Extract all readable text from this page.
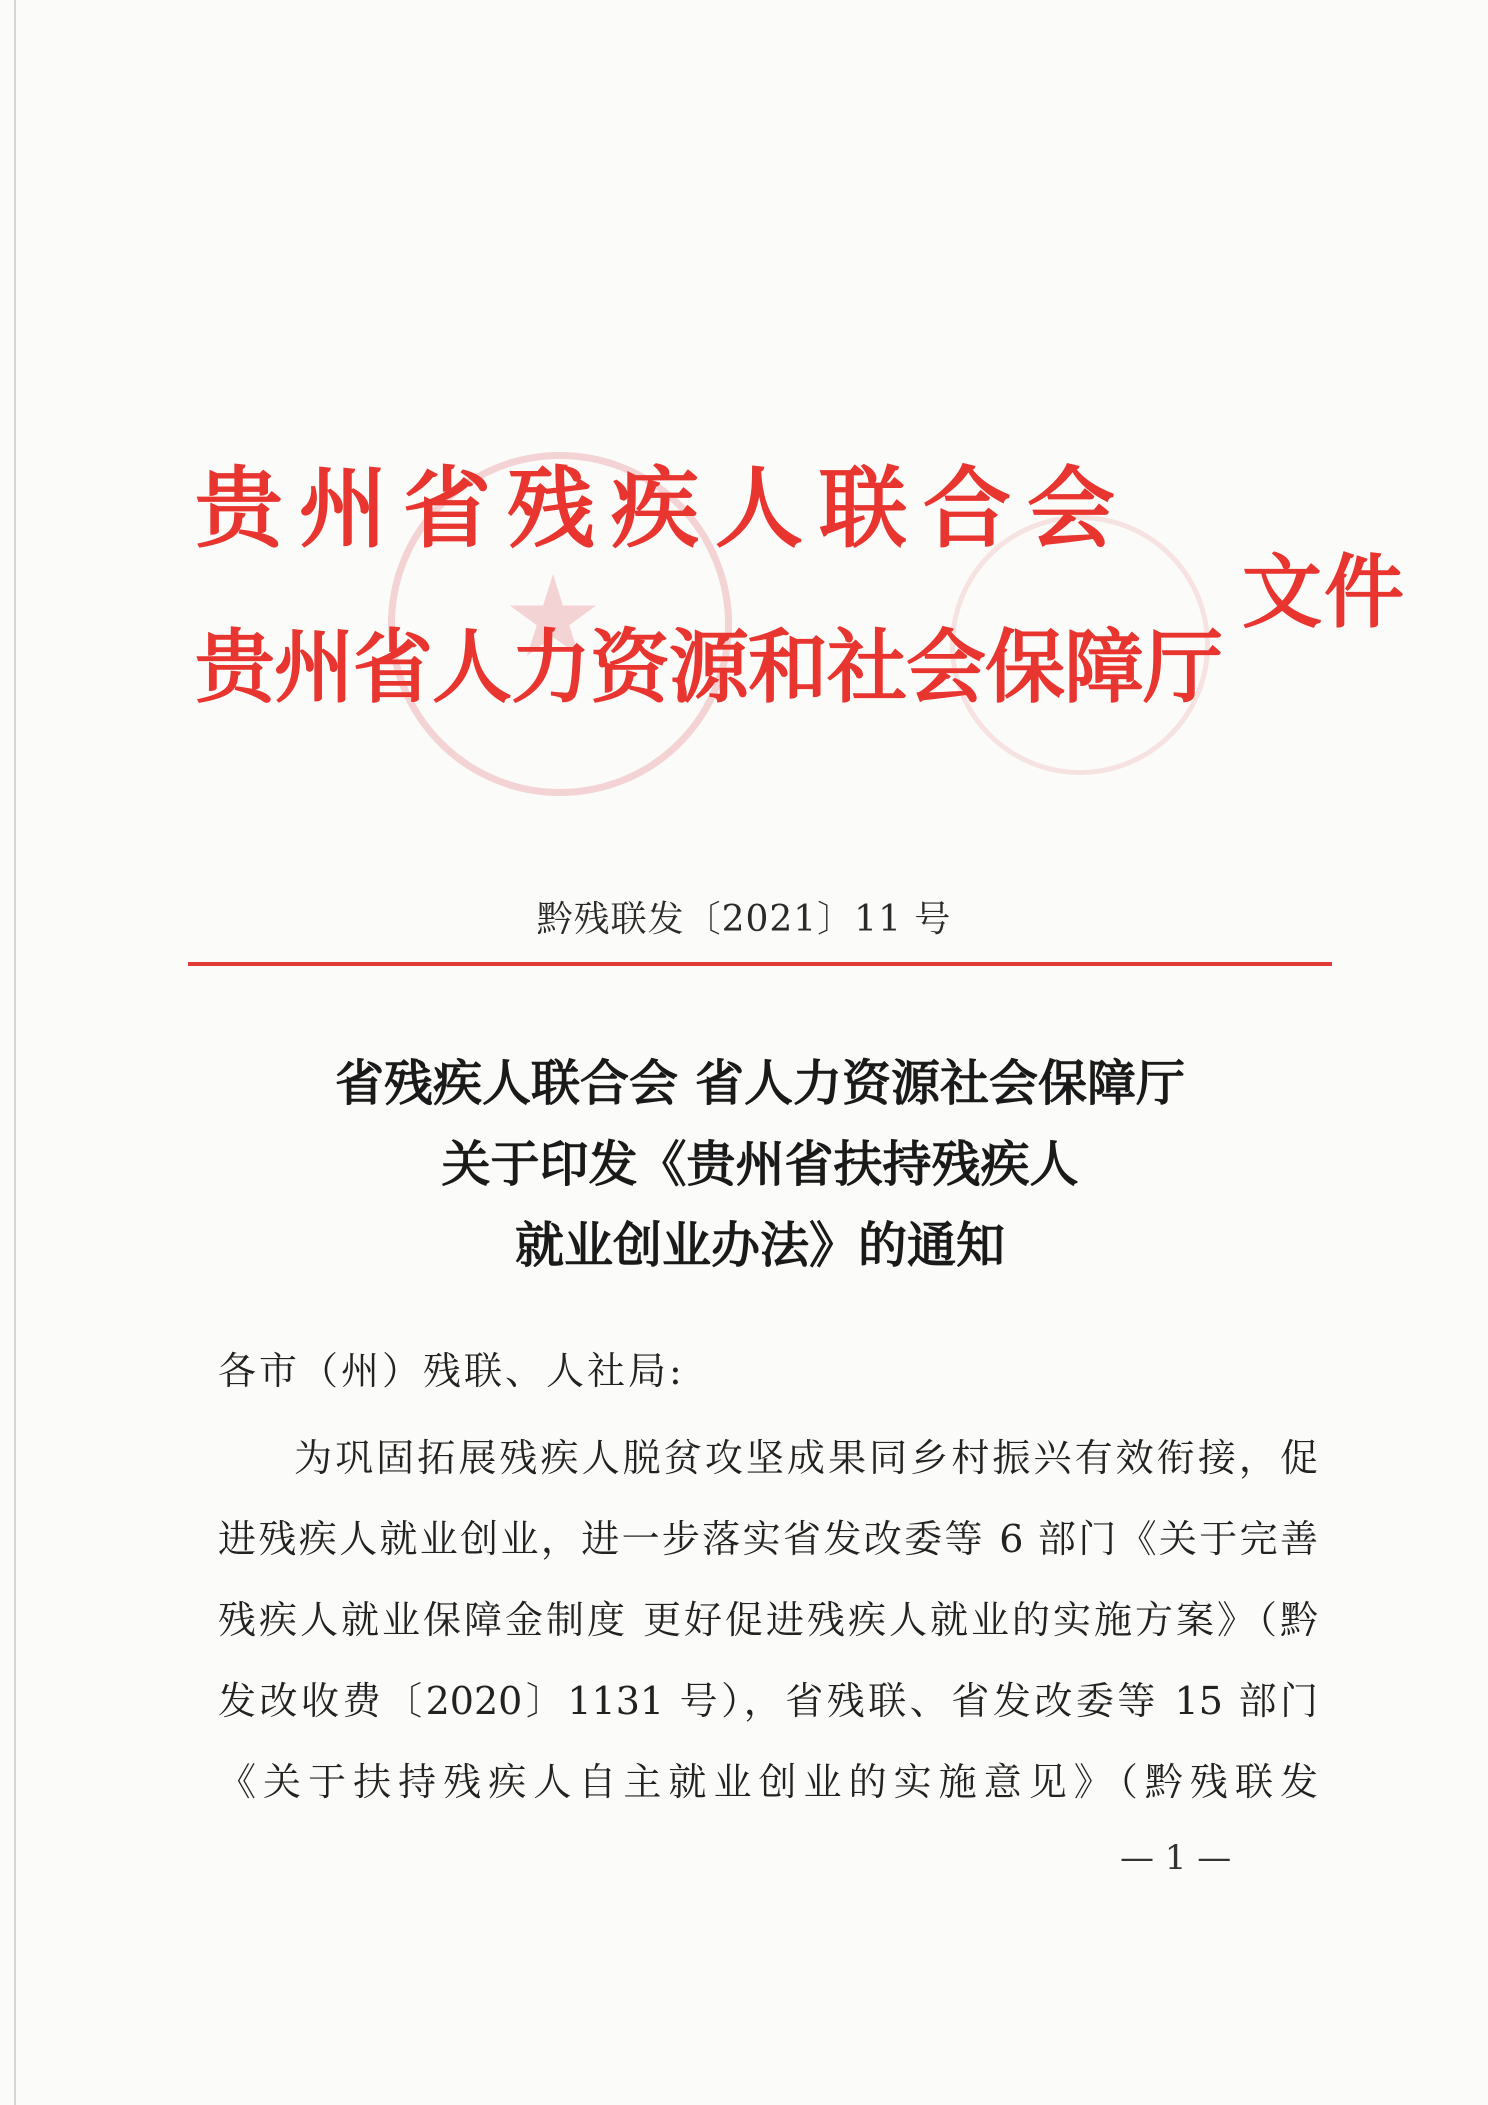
贵州省残疾人联合会
贵州省人力资源和社会保障厅
文件
黔残联发〔2021〕11 号
省残疾人联合会 省人力资源社会保障厅
关于印发《贵州省扶持残疾人
就业创业办法》的通知
各市（州）残联、人社局:
为巩固拓展残疾人脱贫攻坚成果同乡村振兴有效衔接，促
进残疾人就业创业，进一步落实省发改委等 6 部门《关于完善
残疾人就业保障金制度 更好促进残疾人就业的实施方案》（黔
发改收费〔2020〕1131 号），省残联、省发改委等 15 部门
《关于扶持残疾人自主就业创业的实施意见》（黔残联发
— 1 —
